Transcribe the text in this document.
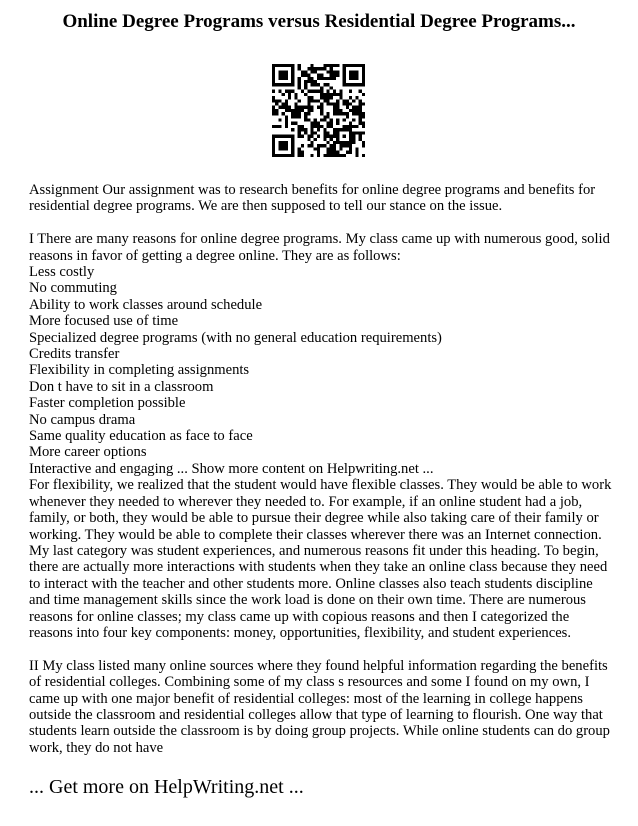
Online Degree Programs versus Residential Degree Programs...

Assignment Our assignment was to research benefits for online degree programs and benefits for residential degree programs. We are then supposed to tell our stance on the issue.

I There are many reasons for online degree programs. My class came up with numerous good, solid reasons in favor of getting a degree online. They are as follows:

Less costly

No commuting

Ability to work classes around schedule

More focused use of time

Specialized degree programs (with no general education requirements)

Credits transfer

Flexibility in completing assignments

Don t have to sit in a classroom

Faster completion possible

No campus drama

Same quality education as face to face

More career options

Interactive and engaging ... Show more content on Helpwriting.net ...

For flexibility, we realized that the student would have flexible classes. They would be able to work whenever they needed to wherever they needed to. For example, if an online student had a job, family, or both, they would be able to pursue their degree while also taking care of their family or working. They would be able to complete their classes wherever there was an Internet connection. My last category was student experiences, and numerous reasons fit under this heading. To begin, there are actually more interactions with students when they take an online class because they need to interact with the teacher and other students more. Online classes also teach students discipline and time management skills since the work load is done on their own time. There are numerous reasons for online classes; my class came up with copious reasons and then I categorized the reasons into four key components: money, opportunities, flexibility, and student experiences.

II My class listed many online sources where they found helpful information regarding the benefits of residential colleges. Combining some of my class s resources and some I found on my own, I came up with one major benefit of residential colleges: most of the learning in college happens outside the classroom and residential colleges allow that type of learning to flourish. One way that students learn outside the classroom is by doing group projects. While online students can do group work, they do not have

... Get more on HelpWriting.net ...
